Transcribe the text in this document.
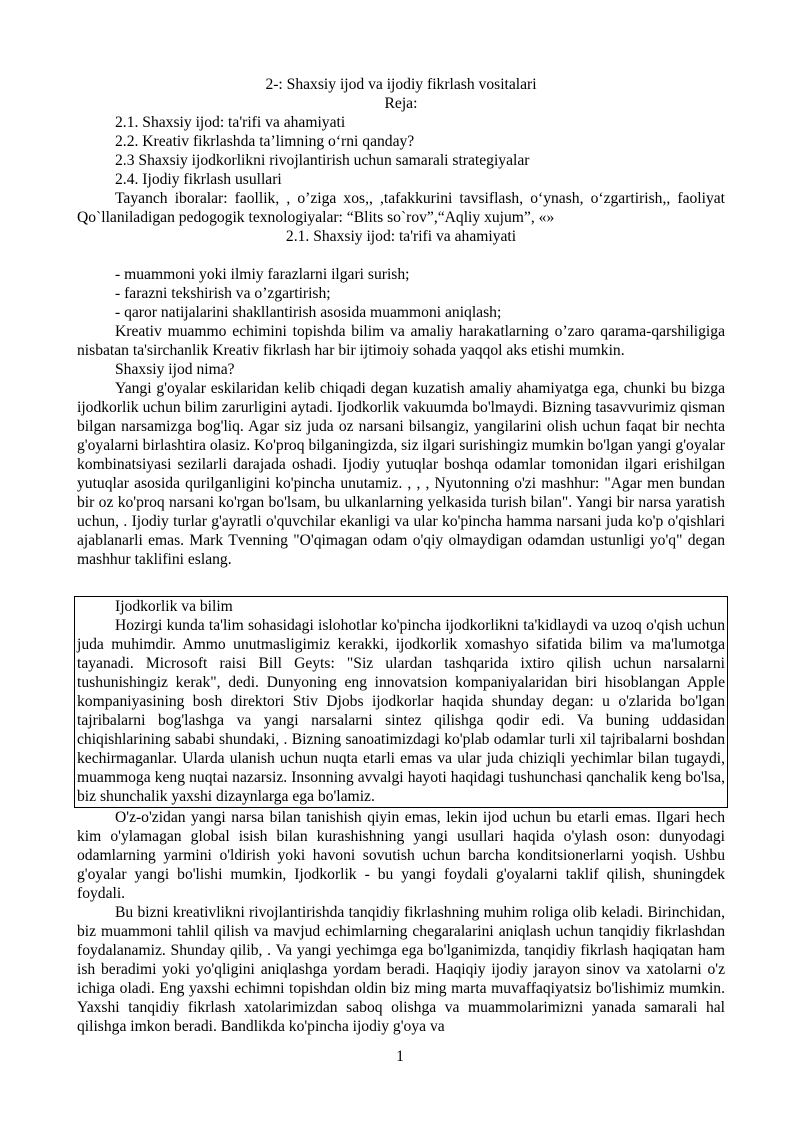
2-: Shaxsiy ijod va ijodiy fikrlash vositalari

Reja:

2.1. Shaxsiy ijod: ta'rifi va ahamiyati

2.2. Kreativ fikrlashda ta’limning o‘rni qanday?

2.3 Shaxsiy ijodkorlikni rivojlantirish uchun samarali strategiyalar

2.4. Ijodiy fikrlash usullari

Tayanch iboralar: faollik, , o’ziga xos,, ,tafakkurini tavsiflash, o‘ynash, o‘zgartirish,, faoliyat

Qo`llaniladigan pedogogik texnologiyalar: “Blits so`rov”,“Aqliy xujum”, «»

2.1. Shaxsiy ijod: ta'rifi va ahamiyati

- muammoni yoki ilmiy farazlarni ilgari surish;

- farazni tekshirish va o’zgartirish;

- qaror natijalarini shakllantirish asosida muammoni aniqlash;

Kreativ muammo echimini topishda bilim va amaliy harakatlarning o’zaro qarama-qarshiligiga nisbatan ta'sirchanlik Kreativ fikrlash har bir ijtimoiy sohada yaqqol aks etishi mumkin.

Shaxsiy ijod nima?

Yangi g'oyalar eskilaridan kelib chiqadi degan kuzatish amaliy ahamiyatga ega, chunki bu bizga ijodkorlik uchun bilim zarurligini aytadi. Ijodkorlik vakuumda bo'lmaydi. Bizning tasavvurimiz qisman bilgan narsamizga bog'liq. Agar siz juda oz narsani bilsangiz, yangilarini olish uchun faqat bir nechta g'oyalarni birlashtira olasiz. Ko'proq bilganingizda, siz ilgari surishingiz mumkin bo'lgan yangi g'oyalar kombinatsiyasi sezilarli darajada oshadi. Ijodiy yutuqlar boshqa odamlar tomonidan ilgari erishilgan yutuqlar asosida qurilganligini ko'pincha unutamiz. , , , Nyutonning o'zi mashhur: "Agar men bundan bir oz ko'proq narsani ko'rgan bo'lsam, bu ulkanlarning yelkasida turish bilan". Yangi bir narsa yaratish uchun, . Ijodiy turlar g'ayratli o'quvchilar ekanligi va ular ko'pincha hamma narsani juda ko'p o'qishlari ajablanarli emas. Mark Tvenning "O'qimagan odam o'qiy olmaydigan odamdan ustunligi yo'q" degan mashhur taklifini eslang.

Ijodkorlik va bilim

Hozirgi kunda ta'lim sohasidagi islohotlar ko'pincha ijodkorlikni ta'kidlaydi va uzoq o'qish uchun juda muhimdir. Ammo unutmasligimiz kerakki, ijodkorlik xomashyo sifatida bilim va ma'lumotga tayanadi. Microsoft raisi Bill Geyts: "Siz ulardan tashqarida ixtiro qilish uchun narsalarni tushunishingiz kerak", dedi. Dunyoning eng innovatsion kompaniyalaridan biri hisoblangan Apple kompaniyasining bosh direktori Stiv Djobs ijodkorlar haqida shunday degan: u o'zlarida bo'lgan tajribalarni bog'lashga va yangi narsalarni sintez qilishga qodir edi. Va buning uddasidan chiqishlarining sababi shundaki, . Bizning sanoatimizdagi ko'plab odamlar turli xil tajribalarni boshdan kechirmaganlar. Ularda ulanish uchun nuqta etarli emas va ular juda chiziqli yechimlar bilan tugaydi, muammoga keng nuqtai nazarsiz. Insonning avvalgi hayoti haqidagi tushunchasi qanchalik keng bo'lsa, biz shunchalik yaxshi dizaynlarga ega bo'lamiz.

O'z-o'zidan yangi narsa bilan tanishish qiyin emas, lekin ijod uchun bu etarli emas. Ilgari hech kim o'ylamagan global isish bilan kurashishning yangi usullari haqida o'ylash oson: dunyodagi odamlarning yarmini o'ldirish yoki havoni sovutish uchun barcha konditsionerlarni yoqish. Ushbu g'oyalar yangi bo'lishi mumkin, Ijodkorlik - bu yangi foydali g'oyalarni taklif qilish, shuningdek foydali.

Bu bizni kreativlikni rivojlantirishda tanqidiy fikrlashning muhim roliga olib keladi. Birinchidan, biz muammoni tahlil qilish va mavjud echimlarning chegaralarini aniqlash uchun tanqidiy fikrlashdan foydalanamiz. Shunday qilib, . Va yangi yechimga ega bo'lganimizda, tanqidiy fikrlash haqiqatan ham ish beradimi yoki yo'qligini aniqlashga yordam beradi. Haqiqiy ijodiy jarayon sinov va xatolarni o'z ichiga oladi. Eng yaxshi echimni topishdan oldin biz ming marta muvaffaqiyatsiz bo'lishimiz mumkin. Yaxshi tanqidiy fikrlash xatolarimizdan saboq olishga va muammolarimizni yanada samarali hal qilishga imkon beradi. Bandlikda ko'pincha ijodiy g'oya va

1
